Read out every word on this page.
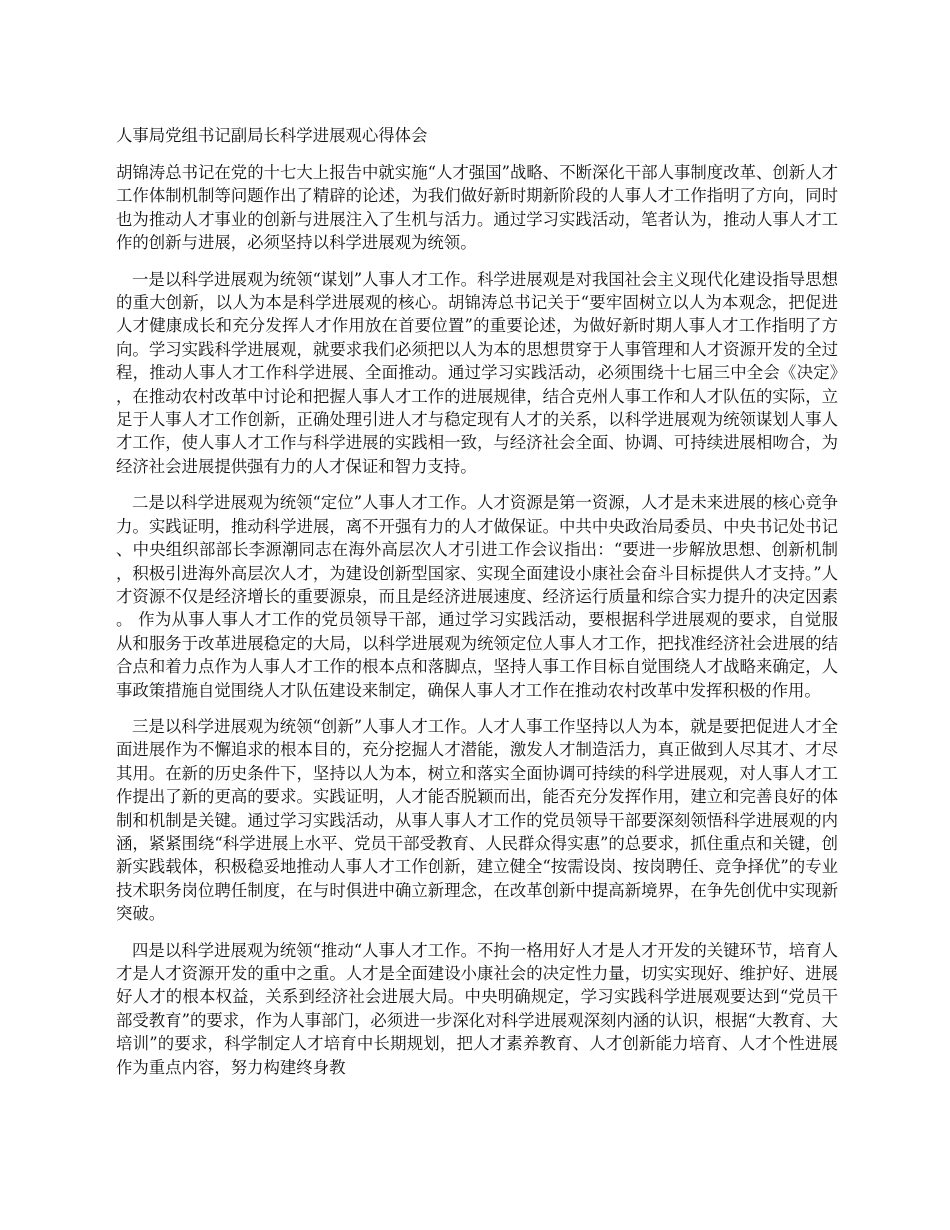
人事局党组书记副局长科学进展观心得体会

胡锦涛总书记在党的十七大上报告中就实施“人才强国”战略、不断深化干部人事制度改革、创新人才工作体制机制等问题作出了精辟的论述，为我们做好新时期新阶段的人事人才工作指明了方向，同时也为推动人才事业的创新与进展注入了生机与活力。通过学习实践活动，笔者认为，推动人事人才工作的创新与进展，必须坚持以科学进展观为统领。

一是以科学进展观为统领“谋划”人事人才工作。科学进展观是对我国社会主义现代化建设指导思想的重大创新，以人为本是科学进展观的核心。胡锦涛总书记关于“要牢固树立以人为本观念，把促进人才健康成长和充分发挥人才作用放在首要位置”的重要论述，为做好新时期人事人才工作指明了方向。学习实践科学进展观，就要求我们必须把以人为本的思想贯穿于人事管理和人才资源开发的全过程，推动人事人才工作科学进展、全面推动。通过学习实践活动，必须围绕十七届三中全会《决定》，在推动农村改革中讨论和把握人事人才工作的进展规律，结合克州人事工作和人才队伍的实际，立足于人事人才工作创新，正确处理引进人才与稳定现有人才的关系，以科学进展观为统领谋划人事人才工作，使人事人才工作与科学进展的实践相一致，与经济社会全面、协调、可持续进展相吻合，为经济社会进展提供强有力的人才保证和智力支持。

二是以科学进展观为统领“定位”人事人才工作。人才资源是第一资源，人才是未来进展的核心竞争力。实践证明，推动科学进展，离不开强有力的人才做保证。中共中央政治局委员、中央书记处书记、中央组织部部长李源潮同志在海外高层次人才引进工作会议指出：“要进一步解放思想、创新机制，积极引进海外高层次人才，为建设创新型国家、实现全面建设小康社会奋斗目标提供人才支持。”人才资源不仅是经济增长的重要源泉，而且是经济进展速度、经济运行质量和综合实力提升的决定因素。 作为从事人事人才工作的党员领导干部，通过学习实践活动，要根据科学进展观的要求，自觉服从和服务于改革进展稳定的大局，以科学进展观为统领定位人事人才工作，把找准经济社会进展的结合点和着力点作为人事人才工作的根本点和落脚点，坚持人事工作目标自觉围绕人才战略来确定，人事政策措施自觉围绕人才队伍建设来制定，确保人事人才工作在推动农村改革中发挥积极的作用。

三是以科学进展观为统领“创新”人事人才工作。人才人事工作坚持以人为本，就是要把促进人才全面进展作为不懈追求的根本目的，充分挖掘人才潜能，激发人才制造活力，真正做到人尽其才、才尽其用。在新的历史条件下，坚持以人为本，树立和落实全面协调可持续的科学进展观，对人事人才工作提出了新的更高的要求。实践证明，人才能否脱颖而出，能否充分发挥作用，建立和完善良好的体制和机制是关键。通过学习实践活动，从事人事人才工作的党员领导干部要深刻领悟科学进展观的内涵，紧紧围绕“科学进展上水平、党员干部受教育、人民群众得实惠”的总要求，抓住重点和关键，创新实践载体，积极稳妥地推动人事人才工作创新，建立健全“按需设岗、按岗聘任、竞争择优”的专业技术职务岗位聘任制度，在与时俱进中确立新理念，在改革创新中提高新境界，在争先创优中实现新突破。

四是以科学进展观为统领“推动“人事人才工作。不拘一格用好人才是人才开发的关键环节，培育人才是人才资源开发的重中之重。人才是全面建设小康社会的决定性力量，切实实现好、维护好、进展好人才的根本权益，关系到经济社会进展大局。中央明确规定，学习实践科学进展观要达到“党员干部受教育”的要求，作为人事部门，必须进一步深化对科学进展观深刻内涵的认识，根据“大教育、大培训”的要求，科学制定人才培育中长期规划，把人才素养教育、人才创新能力培育、人才个性进展作为重点内容，努力构建终身教
